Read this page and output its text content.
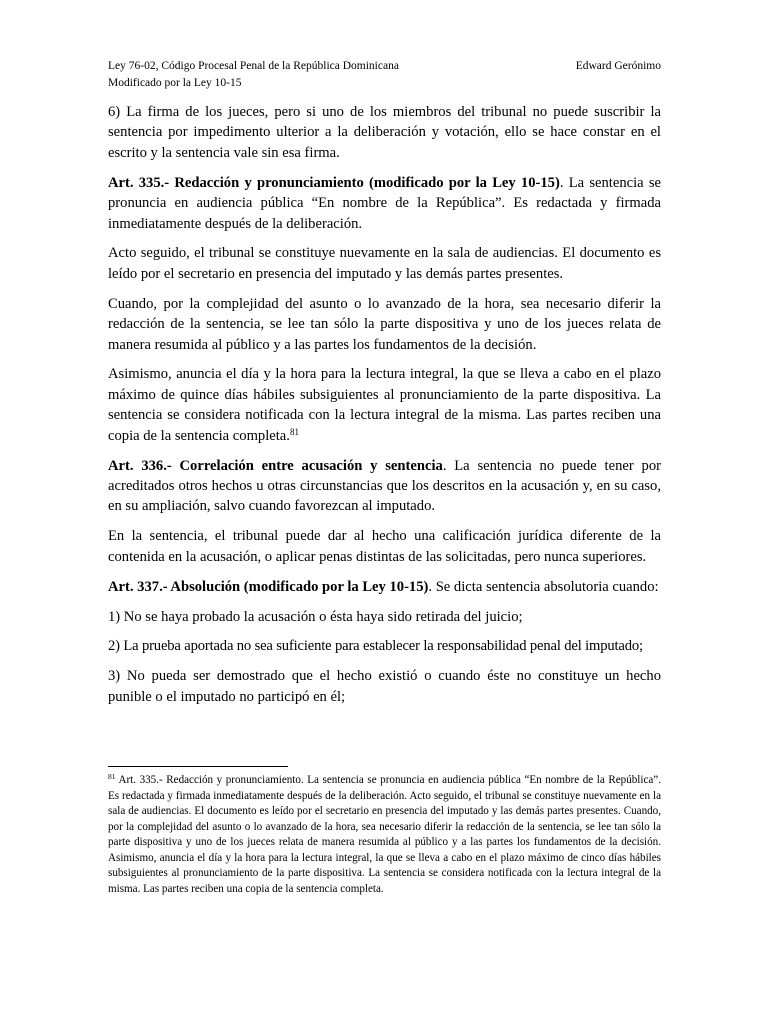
Ley 76-02, Código Procesal Penal de la República Dominicana	Edward Gerónimo
Modificado por la Ley 10-15

6) La firma de los jueces, pero si uno de los miembros del tribunal no puede suscribir la sentencia por impedimento ulterior a la deliberación y votación, ello se hace constar en el escrito y la sentencia vale sin esa firma.

Art. 335.- Redacción y pronunciamiento (modificado por la Ley 10-15). La sentencia se pronuncia en audiencia pública “En nombre de la República”. Es redactada y firmada inmediatamente después de la deliberación.

Acto seguido, el tribunal se constituye nuevamente en la sala de audiencias. El documento es leído por el secretario en presencia del imputado y las demás partes presentes.

Cuando, por la complejidad del asunto o lo avanzado de la hora, sea necesario diferir la redacción de la sentencia, se lee tan sólo la parte dispositiva y uno de los jueces relata de manera resumida al público y a las partes los fundamentos de la decisión.

Asimismo, anuncia el día y la hora para la lectura integral, la que se lleva a cabo en el plazo máximo de quince días hábiles subsiguientes al pronunciamiento de la parte dispositiva. La sentencia se considera notificada con la lectura integral de la misma. Las partes reciben una copia de la sentencia completa.$^{81}$

Art. 336.- Correlación entre acusación y sentencia. La sentencia no puede tener por acreditados otros hechos u otras circunstancias que los descritos en la acusación y, en su caso, en su ampliación, salvo cuando favorezcan al imputado.

En la sentencia, el tribunal puede dar al hecho una calificación jurídica diferente de la contenida en la acusación, o aplicar penas distintas de las solicitadas, pero nunca superiores.

Art. 337.- Absolución (modificado por la Ley 10-15). Se dicta sentencia absolutoria cuando:

1) No se haya probado la acusación o ésta haya sido retirada del juicio;

2) La prueba aportada no sea suficiente para establecer la responsabilidad penal del imputado;

3) No pueda ser demostrado que el hecho existió o cuando éste no constituye un hecho punible o el imputado no participó en él;

$^{81}$ Art. 335.- Redacción y pronunciamiento. La sentencia se pronuncia en audiencia pública “En nombre de la República”. Es redactada y firmada inmediatamente después de la deliberación. Acto seguido, el tribunal se constituye nuevamente en la sala de audiencias. El documento es leído por el secretario en presencia del imputado y las demás partes presentes. Cuando, por la complejidad del asunto o lo avanzado de la hora, sea necesario diferir la redacción de la sentencia, se lee tan sólo la parte dispositiva y uno de los jueces relata de manera resumida al público y a las partes los fundamentos de la decisión. Asimismo, anuncia el día y la hora para la lectura integral, la que se lleva a cabo en el plazo máximo de cinco días hábiles subsiguientes al pronunciamiento de la parte dispositiva. La sentencia se considera notificada con la lectura integral de la misma. Las partes reciben una copia de la sentencia completa.
